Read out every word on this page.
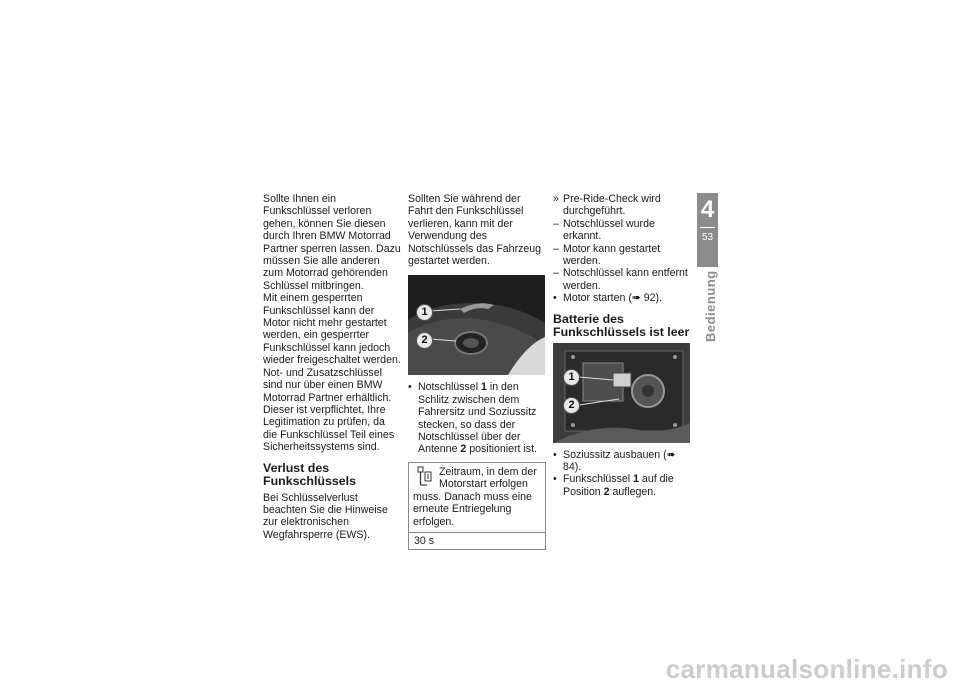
Sollte Ihnen ein Funkschlüssel verloren gehen, können Sie diesen durch Ihren BMW Motorrad Partner sperren lassen. Dazu müssen Sie alle anderen zum Motorrad gehörenden Schlüssel mitbringen.

Mit einem gesperrten Funkschlüssel kann der Motor nicht mehr gestartet werden, ein gesperrter Funkschlüssel kann jedoch wieder freigeschaltet werden.

Not- und Zusatzschlüssel sind nur über einen BMW Motorrad Partner erhältlich. Dieser ist verpflichtet, Ihre Legitimation zu prüfen, da die Funkschlüssel Teil eines Sicherheitssystems sind.

Verlust des Funkschlüssels

Bei Schlüsselverlust beachten Sie die Hinweise zur elektronischen Wegfahrsperre (EWS).

Sollten Sie während der Fahrt den Funkschlüssel verlieren, kann mit der Verwendung des Notschlüssels das Fahrzeug gestartet werden.

1
2
• Notschlüssel 1 in den Schlitz zwischen dem Fahrersitz und Soziussitz stecken, so dass der Notschlüssel über der Antenne 2 positioniert ist.
Zeitraum, in dem der Motorstart erfolgen muss. Danach muss eine erneute Entriegelung erfolgen.
30 s
» Pre-Ride-Check wird durchgeführt.
– Notschlüssel wurde erkannt.
– Motor kann gestartet werden.
– Notschlüssel kann entfernt werden.
• Motor starten (➠ 92).
Batterie des Funkschlüssels ist leer
1
2
• Soziussitz ausbauen (➠ 84).
• Funkschlüssel 1 auf die Position 2 auflegen.
4
53
Bedienung
carmanualsonline.info
